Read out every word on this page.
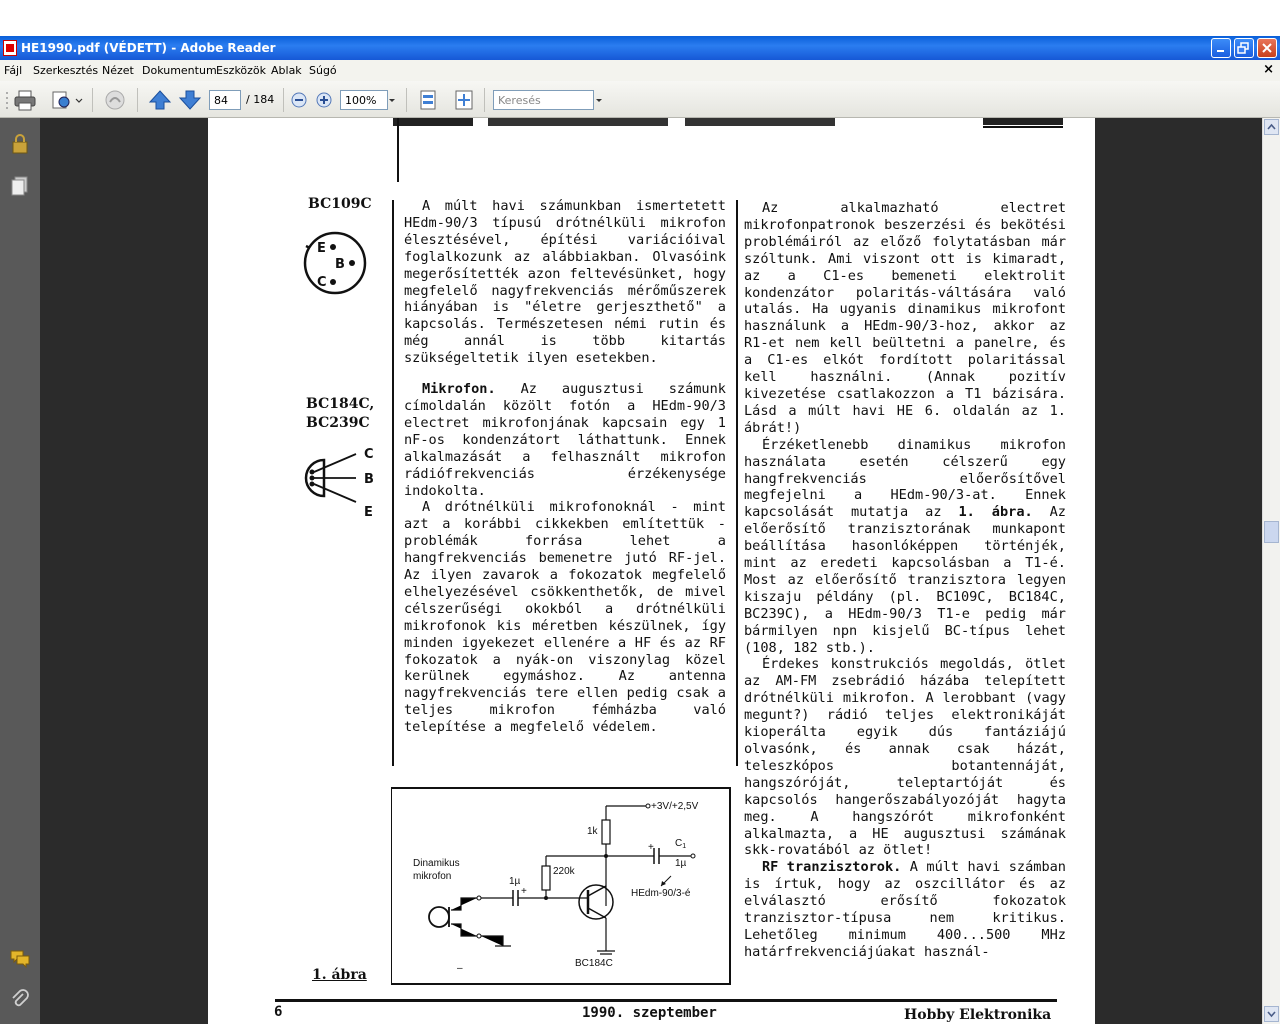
HE1990.pdf (VÉDETT) - Adobe Reader
Fájl Szerkesztés Nézet Dokumentum Eszközök Ablak Súgó	×
84	/ 184	100%	Keresés
BC109C
E
B
C
BC184C,
BC239C
C
B
E

A múlt havi számunkban ismertetett HEdm-90/3 típusú drótnélküli mikrofon élesztésével, építési variációival foglalkozunk az alábbiakban. Olvasóink megerősítették azon feltevésünket, hogy megfelelő nagyfrekvenciás mérőműszerek hiányában is "életre gerjeszthető" a kapcsolás. Természetesen némi rutin és még annál is több kitartás szükségeltetik ilyen esetekben.

Mikrofon. Az augusztusi számunk címoldalán közölt fotón a HEdm-90/3 electret mikrofonjának kapcsain egy 1 nF-os kondenzátort láthattunk. Ennek alkalmazását a felhasznált mikrofon rádiófrekvenciás érzékenysége indokolta.

A drótnélküli mikrofonoknál - mint azt a korábbi cikkekben említettük - problémák forrása lehet a hangfrekvenciás bemenetre jutó RF-jel. Az ilyen zavarok a fokozatok megfelelő elhelyezésével csökkenthetők, de mivel célszerűségi okokból a drótnélküli mikrofonok kis méretben készülnek, így minden igyekezet ellenére a HF és az RF fokozatok a nyák-on viszonylag közel kerülnek egymáshoz. Az antenna nagyfrekvenciás tere ellen pedig csak a teljes mikrofon fémházba való telepítése a megfelelő védelem.

Az alkalmazható electret mikrofonpatronok beszerzési és bekötési problémáiról az előző folytatásban már szóltunk. Ami viszont ott is kimaradt, az a C1-es bemeneti elektrolit kondenzátor polaritás-váltására való utalás. Ha ugyanis dinamikus mikrofont használunk a HEdm-90/3-hoz, akkor az R1-et nem kell beültetni a panelre, és a C1-es elkót fordított polaritással kell használni. (Annak pozitív kivezetése csatlakozzon a T1 bázisára. Lásd a múlt havi HE 6. oldalán az 1. ábrát!)

Érzéketlenebb dinamikus mikrofon használata esetén célszerű egy hangfrekvenciás előerősítővel megfejelni a HEdm-90/3-at. Ennek kapcsolását mutatja az 1. ábra. Az előerősítő tranzisztorának munkapont beállítása hasonlóképpen történjék, mint az eredeti kapcsolásban a T1-é. Most az előerősítő tranzisztora legyen kiszaju példány (pl. BC109C, BC184C, BC239C), a HEdm-90/3 T1-e pedig már bármilyen npn kisjelű BC-típus lehet (108, 182 stb.).

Érdekes konstrukciós megoldás, ötlet az AM-FM zsebrádió házába telepített drótnélküli mikrofon. A lerobbant (vagy megunt?) rádió teljes elektronikáját kioperálta egyik dús fantáziájú olvasónk, és annak csak házát, teleszkópos botantennáját, hangszóróját, teleptartóját és kapcsolós hangerőszabályozóját hagyta meg. A hangszórót mikrofonként alkalmazta, a HE augusztusi számának skk-rovatából az ötlet!

RF tranzisztorok. A múlt havi számban is írtuk, hogy az oszcillátor és az elválasztó erősítő fokozatok tranzisztor-típusa nem kritikus. Lehetőleg minimum 400...500 MHz határfrekvenciájúakat használ-

1. ábra
+3V/+2,5V
1k
+ $C_1$
1µ
HEdm-90/3-é
220k
BC184C
+
1µ
Dinamikus
mikrofon
–
6	1990. szeptember	Hobby Elektronika
